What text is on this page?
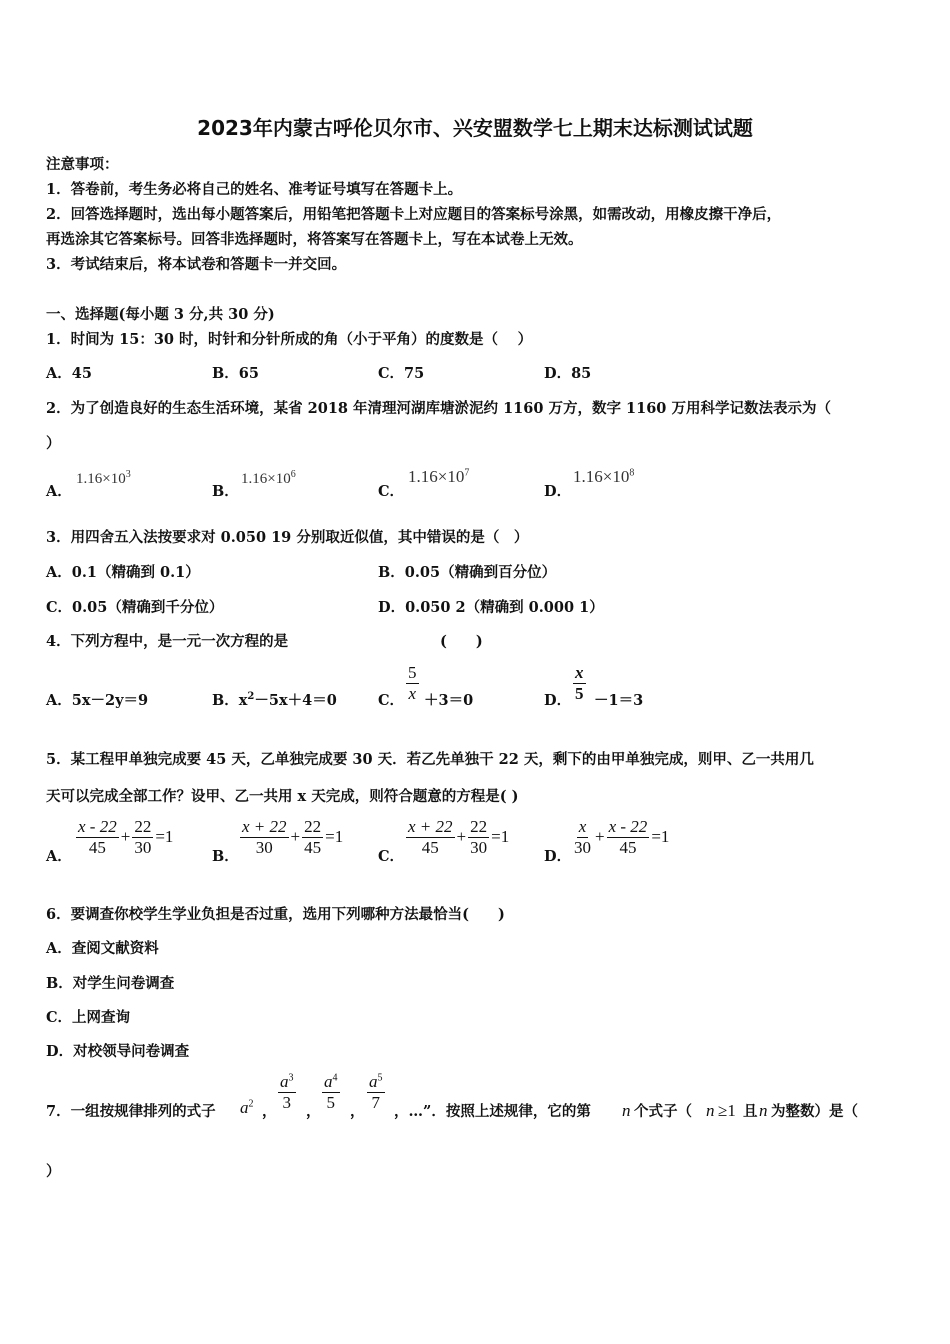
2023年内蒙古呼伦贝尔市、兴安盟数学七上期末达标测试试题
注意事项：
1．答卷前，考生务必将自己的姓名、准考证号填写在答题卡上。
2．回答选择题时，选出每小题答案后，用铅笔把答题卡上对应题目的答案标号涂黑，如需改动，用橡皮擦干净后，
再选涂其它答案标号。回答非选择题时，将答案写在答题卡上，写在本试卷上无效。
3．考试结束后，将本试卷和答题卡一并交回。
一、选择题(每小题 3 分,共 30 分)
1．时间为 15：30 时，时针和分针所成的角（小于平角）的度数是（　 ）
A．45	B．65	C．75	D．85
2．为了创造良好的生态生活环境，某省 2018 年清理河湖库塘淤泥约 1160 万方，数字 1160 万用科学记数法表示为（
）
A．
$1.16\times 10^3$
B．
$1.16\times 10^6$
C．
$1.16\times 10^7$
D．
$1.16\times 10^8$
3．用四舍五入法按要求对 0.050 19 分别取近似值，其中错误的是（　）
A．0.1（精确到 0.1）	B．0.05（精确到百分位）
C．0.05（精确到千分位）	D．0.050 2（精确到 0.000 1）
4．下列方程中，是一元一次方程的是	(　　)
A．5x－2y＝9	B．$x^2-5x+4=0$	C． $\frac{5}{x} +3=0$	D． $\frac{x}{5} -1=3$
5．某工程甲单独完成要 45 天，乙单独完成要 30 天．若乙先单独干 22 天，剩下的由甲单独完成，则甲、乙一共用几
天可以完成全部工作？设甲、乙一共用 x 天完成，则符合题意的方程是( )
A． $\frac{x - 22}{45} + \frac{22}{30} =1$
B． $\frac{x + 22}{30} + \frac{22}{45} =1$
C． $\frac{x + 22}{45} + \frac{22}{30} =1$
D． $\frac{x}{30} + \frac{x - 22}{45} =1$
6．要调查你校学生学业负担是否过重，选用下列哪种方法最恰当(　　)
A．查阅文献资料
B．对学生问卷调查
C．上网查询
D．对校领导问卷调查
7．一组按规律排列的式子 $a^2$ ， $\frac{a^3}{3}$ ， $\frac{a^4}{5}$ ， $\frac{a^5}{7}$ ，…”．按照上述规律，它的第 n 个式子（ n ≥1 且 n 为整数）是（
）
